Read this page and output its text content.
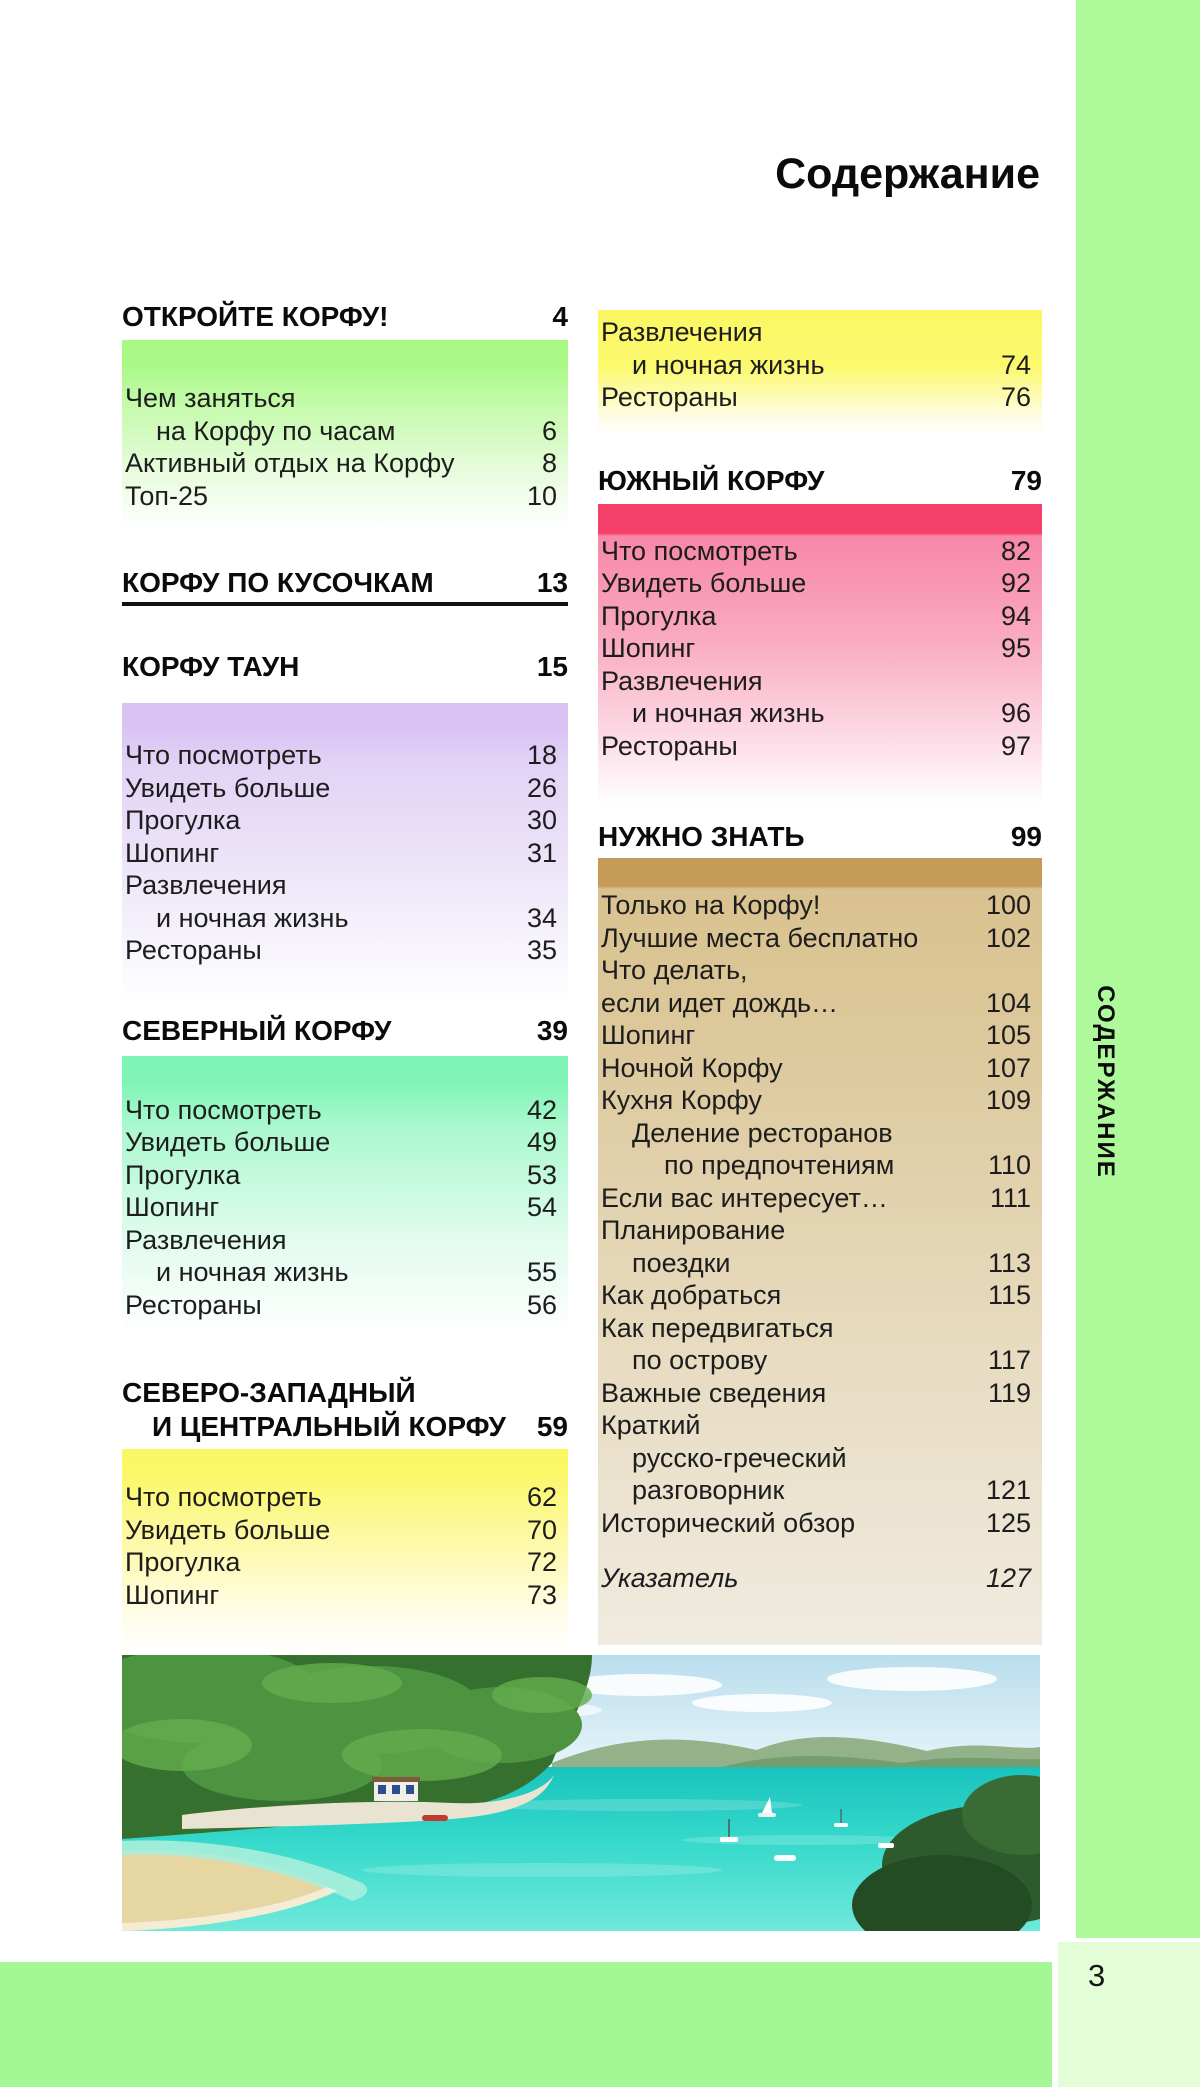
СОДЕРЖАНИЕ
Содержание
ОТКРОЙТЕ КОРФУ!	4
Чем заняться
на Корфу по часам	6
Активный отдых на Корфу	8
Топ-25	10
КОРФУ ПО КУСОЧКАМ	13
КОРФУ ТАУН	15
Что посмотреть	18
Увидеть больше	26
Прогулка	30
Шопинг	31
Развлечения
и ночная жизнь	34
Рестораны	35
СЕВЕРНЫЙ КОРФУ	39
Что посмотреть	42
Увидеть больше	49
Прогулка	53
Шопинг	54
Развлечения
и ночная жизнь	55
Рестораны	56
СЕВЕРО-ЗАПАДНЫЙ
И ЦЕНТРАЛЬНЫЙ КОРФУ 59
Что посмотреть	62
Увидеть больше	70
Прогулка	72
Шопинг	73
Развлечения
и ночная жизнь	74
Рестораны	76
ЮЖНЫЙ КОРФУ	79
Что посмотреть	82
Увидеть больше	92
Прогулка	94
Шопинг	95
Развлечения
и ночная жизнь	96
Рестораны	97
НУЖНО ЗНАТЬ	99
Только на Корфу!	100
Лучшие места бесплатно	102
Что делать,
если идет дождь…	104
Шопинг	105
Ночной Корфу	107
Кухня Корфу	109
Деление ресторанов
по предпочтениям	110
Если вас интересует…	111
Планирование
поездки	113
Как добраться	115
Как передвигаться
по острову	117
Важные сведения	119
Краткий
русско-греческий
разговорник	121
Исторический обзор	125
Указатель	127
3
